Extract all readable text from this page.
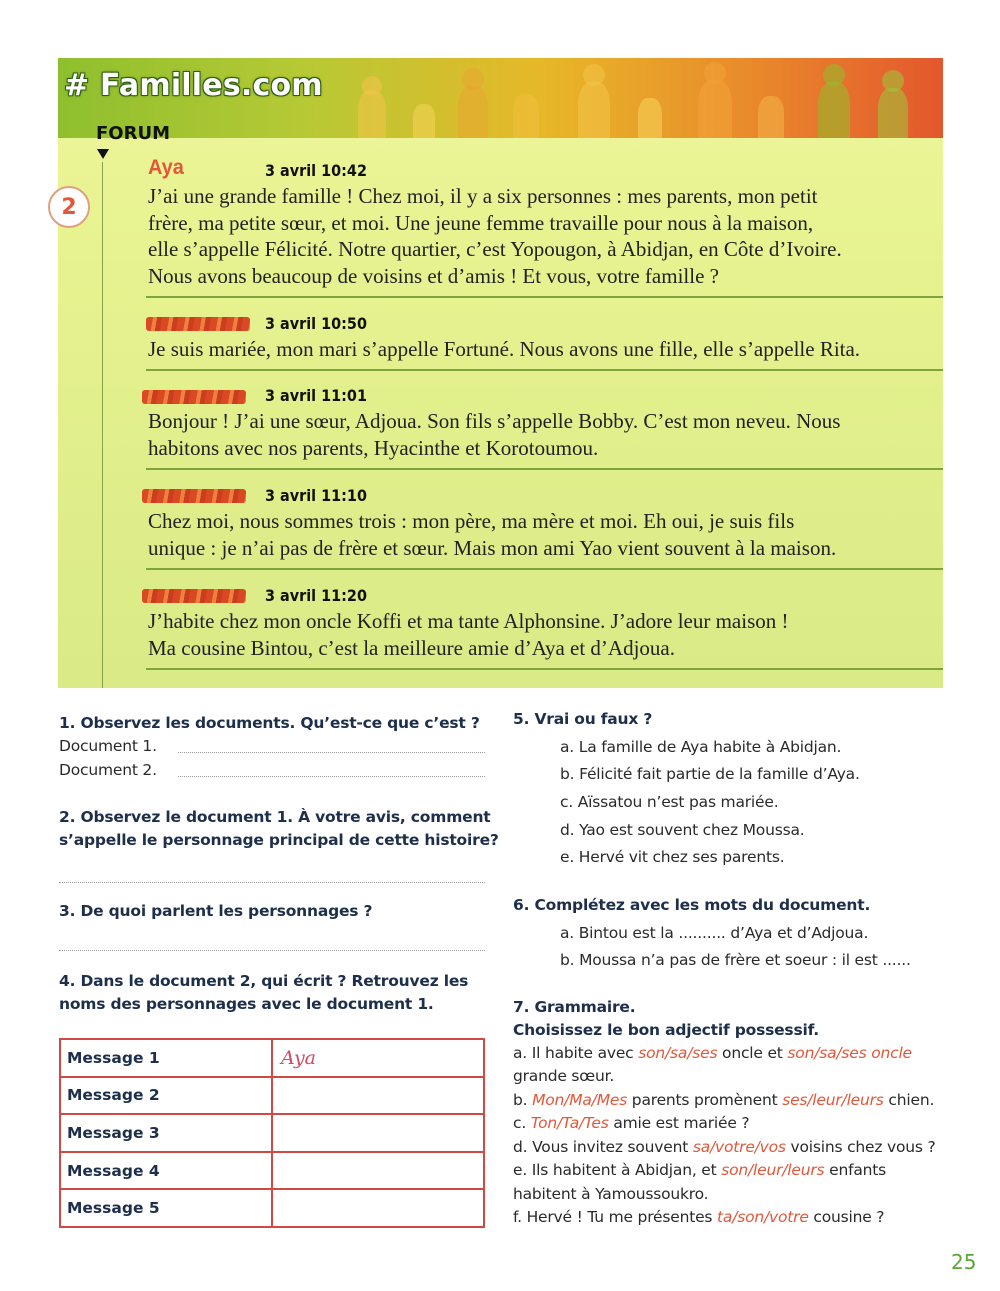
# Familles.com
FORUM
Aya	3 avril 10:42
J’ai une grande famille ! Chez moi, il y a six personnes : mes parents, mon petit
frère, ma petite sœur, et moi. Une jeune femme travaille pour nous à la maison,
elle s’appelle Félicité. Notre quartier, c’est Yopougon, à Abidjan, en Côte d’Ivoire.
Nous avons beaucoup de voisins et d’amis ! Et vous, votre famille ?
3 avril 10:50
Je suis mariée, mon mari s’appelle Fortuné. Nous avons une fille, elle s’appelle Rita.
3 avril 11:01
Bonjour ! J’ai une sœur, Adjoua. Son fils s’appelle Bobby. C’est mon neveu. Nous
habitons avec nos parents, Hyacinthe et Korotoumou.
3 avril 11:10
Chez moi, nous sommes trois : mon père, ma mère et moi. Eh oui, je suis fils
unique : je n’ai pas de frère et sœur. Mais mon ami Yao vient souvent à la maison.
3 avril 11:20
J’habite chez mon oncle Koffi et ma tante Alphonsine. J’adore leur maison !
Ma cousine Bintou, c’est la meilleure amie d’Aya et d’Adjoua.
2
1. Observez les documents. Qu’est-ce que c’est ?
Document 1.
Document 2.
2. Observez le document 1. À votre avis, comment
s’appelle le personnage principal de cette histoire?
3. De quoi parlent les personnages ?
4. Dans le document 2, qui écrit ? Retrouvez les
noms des personnages avec le document 1.
Message 1	Aya
Message 2	
Message 3	
Message 4	
Message 5	
5. Vrai ou faux ?
a. La famille de Aya habite à Abidjan.
b. Félicité fait partie de la famille d’Aya.
c. Aïssatou n’est pas mariée.
d. Yao est souvent chez Moussa.
e. Hervé vit chez ses parents.
6. Complétez avec les mots du document.
a. Bintou est la .......... d’Aya et d’Adjoua.
b. Moussa n’a pas de frère et soeur : il est ......
7. Grammaire.
Choisissez le bon adjectif possessif.
a. Il habite avec son/sa/ses oncle et son/sa/ses oncle
grande sœur.
b. Mon/Ma/Mes parents promènent ses/leur/leurs chien.
c. Ton/Ta/Tes amie est mariée ?
d. Vous invitez souvent sa/votre/vos voisins chez vous ?
e. Ils habitent à Abidjan, et son/leur/leurs enfants
habitent à Yamoussoukro.
f. Hervé ! Tu me présentes ta/son/votre cousine ?
25
